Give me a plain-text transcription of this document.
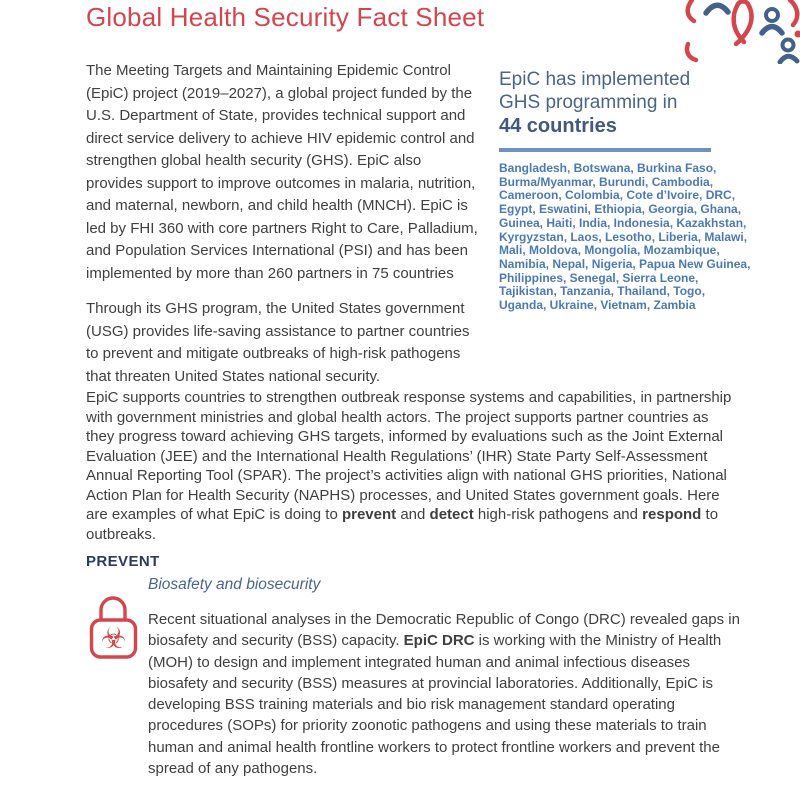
Global Health Security Fact Sheet

The Meeting Targets and Maintaining Epidemic Control (EpiC) project (2019–2027), a global project funded by the U.S. Department of State, provides technical support and direct service delivery to achieve HIV epidemic control and strengthen global health security (GHS). EpiC also provides support to improve outcomes in malaria, nutrition, and maternal, newborn, and child health (MNCH). EpiC is led by FHI 360 with core partners Right to Care, Palladium, and Population Services International (PSI) and has been implemented by more than 260 partners in 75 countries

Through its GHS program, the United States government (USG) provides life-saving assistance to partner countries to prevent and mitigate outbreaks of high-risk pathogens that threaten United States national security.

EpiC has implemented GHS programming in
44 countries
Bangladesh, Botswana, Burkina Faso, Burma/Myanmar, Burundi, Cambodia, Cameroon, Colombia, Cote d’Ivoire, DRC, Egypt, Eswatini, Ethiopia, Georgia, Ghana, Guinea, Haiti, India, Indonesia, Kazakhstan, Kyrgyzstan, Laos, Lesotho, Liberia, Malawi, Mali, Moldova, Mongolia, Mozambique, Namibia, Nepal, Nigeria, Papua New Guinea, Philippines, Senegal, Sierra Leone, Tajikistan, Tanzania, Thailand, Togo, Uganda, Ukraine, Vietnam, Zambia

EpiC supports countries to strengthen outbreak response systems and capabilities, in partnership with government ministries and global health actors. The project supports partner countries as they progress toward achieving GHS targets, informed by evaluations such as the Joint External Evaluation (JEE) and the International Health Regulations’ (IHR) State Party Self-Assessment Annual Reporting Tool (SPAR). The project’s activities align with national GHS priorities, National Action Plan for Health Security (NAPHS) processes, and United States government goals. Here are examples of what EpiC is doing to prevent and detect high-risk pathogens and respond to outbreaks.

PREVENT
☣

Biosafety and biosecurity

Recent situational analyses in the Democratic Republic of Congo (DRC) revealed gaps in biosafety and security (BSS) capacity. EpiC DRC is working with the Ministry of Health (MOH) to design and implement integrated human and animal infectious diseases biosafety and security (BSS) measures at provincial laboratories. Additionally, EpiC is developing BSS training materials and bio risk management standard operating procedures (SOPs) for priority zoonotic pathogens and using these materials to train human and animal health frontline workers to protect frontline workers and prevent the spread of any pathogens.
